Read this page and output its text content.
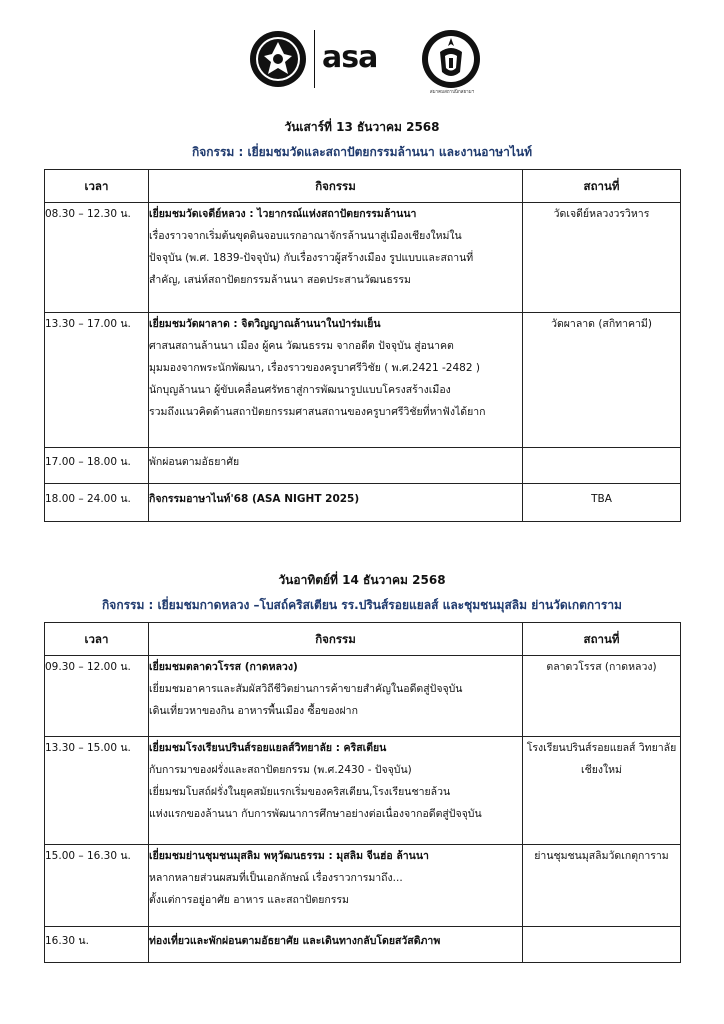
asa
สมาคมสถาปนิกสยามฯ
วันเสาร์ที่ 13 ธันวาคม 2568
กิจกรรม : เยี่ยมชมวัดและสถาปัตยกรรมล้านนา และงานอาษาไนท์
เวลา	กิจกรรม	สถานที่
08.30 – 12.30 น.	เยี่ยมชมวัดเจดีย์หลวง : ไวยากรณ์แห่งสถาปัตยกรรมล้านนา
เรื่องราวจากเริ่มต้นขุดดินจอบแรกอาณาจักรล้านนาสู่เมืองเชียงใหม่ใน
ปัจจุบัน (พ.ศ. 1839-ปัจจุบัน) กับเรื่องราวผู้สร้างเมือง รูปแบบและสถานที่
สำคัญ, เสน่ห์สถาปัตยกรรมล้านนา สอดประสานวัฒนธรรม	วัดเจดีย์หลวงวรวิหาร
13.30 – 17.00 น.	เยี่ยมชมวัดผาลาด : จิตวิญญาณล้านนาในป่าร่มเย็น
ศาสนสถานล้านนา เมือง ผู้คน วัฒนธรรม จากอดีต ปัจจุบัน สู่อนาคต
มุมมองจากพระนักพัฒนา, เรื่องราวของครูบาศรีวิชัย ( พ.ศ.2421 -2482 )
นักบุญล้านนา ผู้ขับเคลื่อนศรัทธาสู่การพัฒนารูปแบบโครงสร้างเมือง
รวมถึงแนวคิดด้านสถาปัตยกรรมศาสนสถานของครูบาศรีวิชัยที่หาฟังได้ยาก	วัดผาลาด (สกิทาคามี)
17.00 – 18.00 น.	พักผ่อนตามอัธยาศัย	
18.00 – 24.00 น.	กิจกรรมอาษาไนท์'68 (ASA NIGHT 2025)	TBA
วันอาทิตย์ที่ 14 ธันวาคม 2568
กิจกรรม : เยี่ยมชมกาดหลวง –โบสถ์คริสเตียน รร.ปรินส์รอยแยลส์ และชุมชนมุสลิม ย่านวัดเกตการาม
เวลา	กิจกรรม	สถานที่
09.30 – 12.00 น.	เยี่ยมชมตลาดวโรรส (กาดหลวง)
เยี่ยมชมอาคารและสัมผัสวิถีชีวิตย่านการค้าขายสำคัญในอดีตสู่ปัจจุบัน
เดินเที่ยวหาของกิน อาหารพื้นเมือง ซื้อของฝาก	ตลาดวโรรส (กาดหลวง)
13.30 – 15.00 น.	เยี่ยมชมโรงเรียนปรินส์รอยแยลส์วิทยาลัย : คริสเตียน
กับการมาของฝรั่งและสถาปัตยกรรม (พ.ศ.2430 - ปัจจุบัน)
เยี่ยมชมโบสถ์ฝรั่งในยุคสมัยแรกเริ่มของคริสเตียน,โรงเรียนชายล้วน
แห่งแรกของล้านนา กับการพัฒนาการศึกษาอย่างต่อเนื่องจากอดีตสู่ปัจจุบัน	โรงเรียนปรินส์รอยแยลส์ วิทยาลัยเชียงใหม่
15.00 – 16.30 น.	เยี่ยมชมย่านชุมชนมุสลิม พหุวัฒนธรรม : มุสลิม จีนฮ่อ ล้านนา
หลากหลายส่วนผสมที่เป็นเอกลักษณ์ เรื่องราวการมาถึง...
ตั้งแต่การอยู่อาศัย อาหาร และสถาปัตยกรรม	ย่านชุมชนมุสลิมวัดเกตุการาม
16.30 น.	ท่องเที่ยวและพักผ่อนตามอัธยาศัย และเดินทางกลับโดยสวัสดิภาพ	
